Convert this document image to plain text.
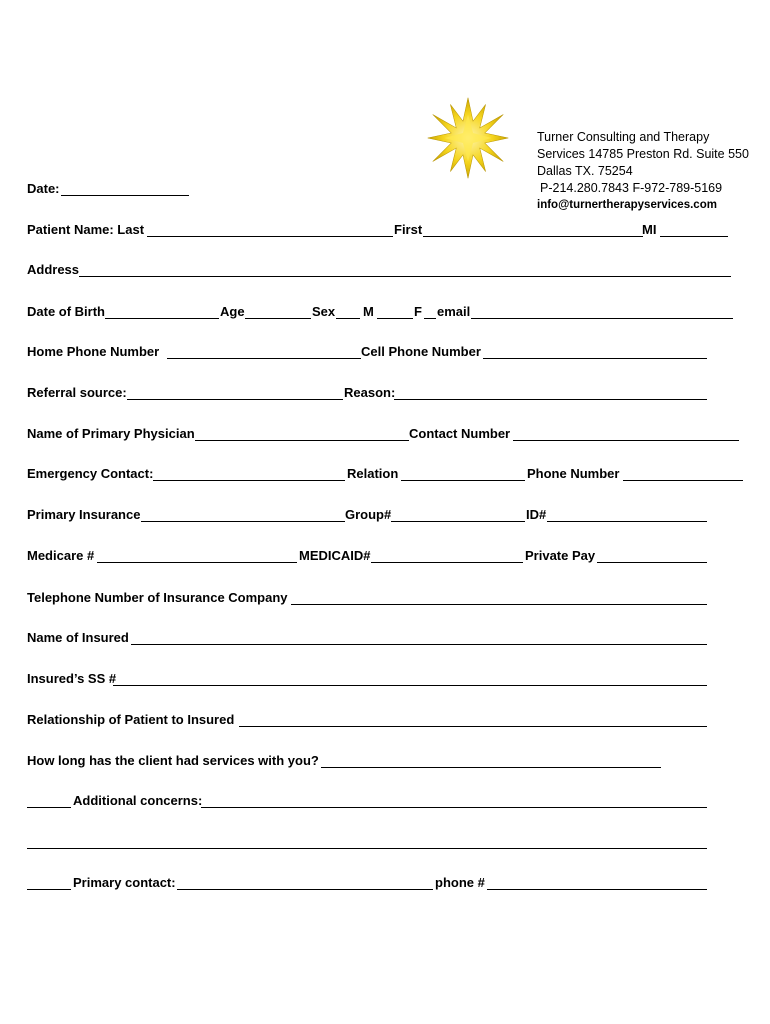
Turner Consulting and Therapy
Services 14785 Preston Rd. Suite 550
Dallas TX. 75254
P-214.280.7843 F-972-789-5169
info@turnertherapyservices.com
Date:
Patient Name: Last	First	MI
Address
Date of Birth	Age	Sex M	F email
Home Phone Number	Cell Phone Number
Referral source:	Reason:
Name of Primary Physician	Contact Number
Emergency Contact:	Relation	Phone Number
Primary Insurance	Group#	ID#
Medicare #	MEDICAID#	Private Pay
Telephone Number of Insurance Company
Name of Insured
Insured’s SS #
Relationship of Patient to Insured
How long has the client had services with you?
Additional concerns:
Primary contact:	phone #
